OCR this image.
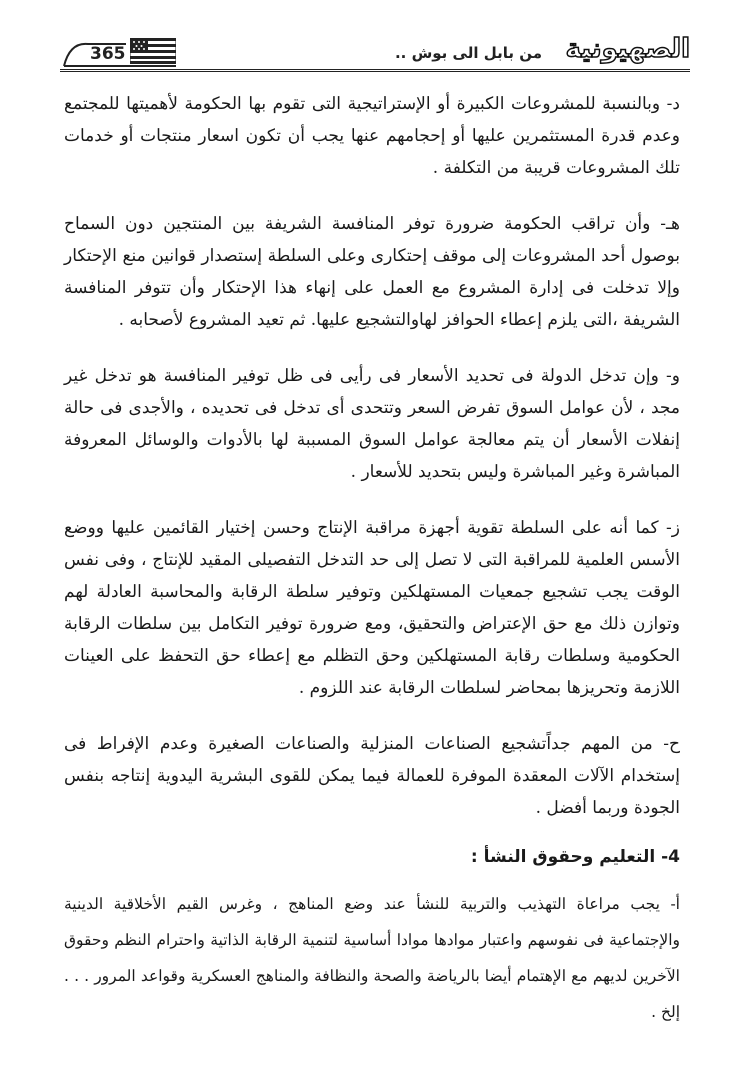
365	من بابل الى بوش .. الصهيونية

د- وبالنسبة للمشروعات الكبيرة أو الإستراتيجية التى تقوم بها الحكومة لأهميتها للمجتمع وعدم قدرة المستثمرين عليها أو إحجامهم عنها يجب أن تكون اسعار منتجات أو خدمات تلك المشروعات قريبة من التكلفة .

هـ- وأن تراقب الحكومة ضرورة توفر المنافسة الشريفة بين المنتجين دون السماح بوصول أحد المشروعات إلى موقف إحتكارى وعلى السلطة إستصدار قوانين منع الإحتكار وإلا تدخلت فى إدارة المشروع مع العمل على إنهاء هذا الإحتكار وأن تتوفر المنافسة الشريفة ،التى يلزم إعطاء الحوافز لهاوالتشجيع عليها. ثم تعيد المشروع لأصحابه .

و- وإن تدخل الدولة فى تحديد الأسعار فى رأيى فى ظل توفير المنافسة هو تدخل غير مجد ، لأن عوامل السوق تفرض السعر وتتحدى أى تدخل فى تحديده ، والأجدى فى حالة إنفلات الأسعار أن يتم معالجة عوامل السوق المسببة لها بالأدوات والوسائل المعروفة المباشرة وغير المباشرة وليس بتحديد للأسعار .

ز- كما أنه على السلطة تقوية أجهزة مراقبة الإنتاج وحسن إختيار القائمين عليها ووضع الأسس العلمية للمراقبة التى لا تصل إلى حد التدخل التفصيلى المقيد للإنتاج ، وفى نفس الوقت يجب تشجيع جمعيات المستهلكين وتوفير سلطة الرقابة والمحاسبة العادلة لهم وتوازن ذلك مع حق الإعتراض والتحقيق، ومع ضرورة توفير التكامل بين سلطات الرقابة الحكومية وسلطات رقابة المستهلكين وحق التظلم مع إعطاء حق التحفظ على العينات اللازمة وتحريزها بمحاضر لسلطات الرقابة عند اللزوم .

ح- من المهم جداًتشجيع الصناعات المنزلية والصناعات الصغيرة وعدم الإفراط فى إستخدام الآلات المعقدة الموفرة للعمالة فيما يمكن للقوى البشرية اليدوية إنتاجه بنفس الجودة وربما أفضل .

4- التعليم وحقوق النشأ :

أ- يجب مراعاة التهذيب والتربية للنشأ عند وضع المناهج ، وغرس القيم الأخلاقية الدينية والإجتماعية فى نفوسهم واعتبار موادها موادا أساسية لتنمية الرقابة الذاتية واحترام النظم وحقوق الآخرين لديهم مع الإهتمام أيضا بالرياضة والصحة والنظافة والمناهج العسكرية وقواعد المرور . . . إلخ .
